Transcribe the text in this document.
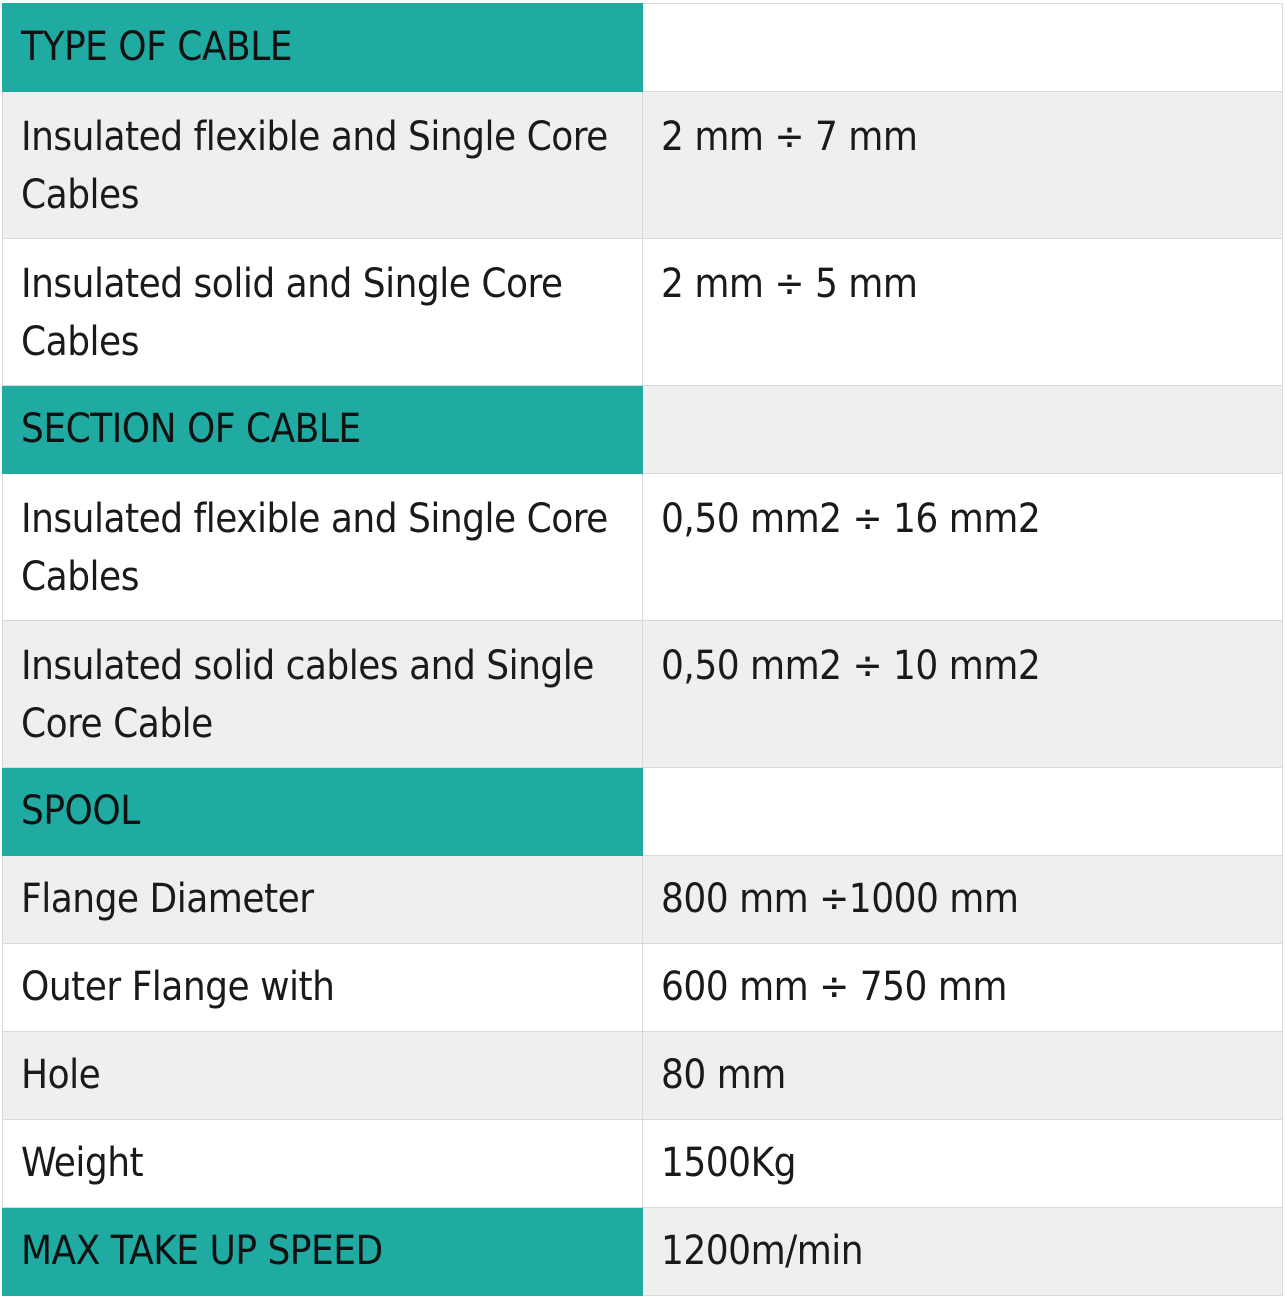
TYPE OF CABLE	
Insulated flexible and Single Core Cables	2 mm ÷ 7 mm
Insulated solid and Single Core Cables	2 mm ÷ 5 mm
SECTION OF CABLE	
Insulated flexible and Single Core Cables	0,50 mm2 ÷ 16 mm2
Insulated solid cables and Single Core Cable	0,50 mm2 ÷ 10 mm2
SPOOL	
Flange Diameter	800 mm ÷1000 mm
Outer Flange with	600 mm ÷ 750 mm
Hole	80 mm
Weight	1500Kg
MAX TAKE UP SPEED	1200m/min
